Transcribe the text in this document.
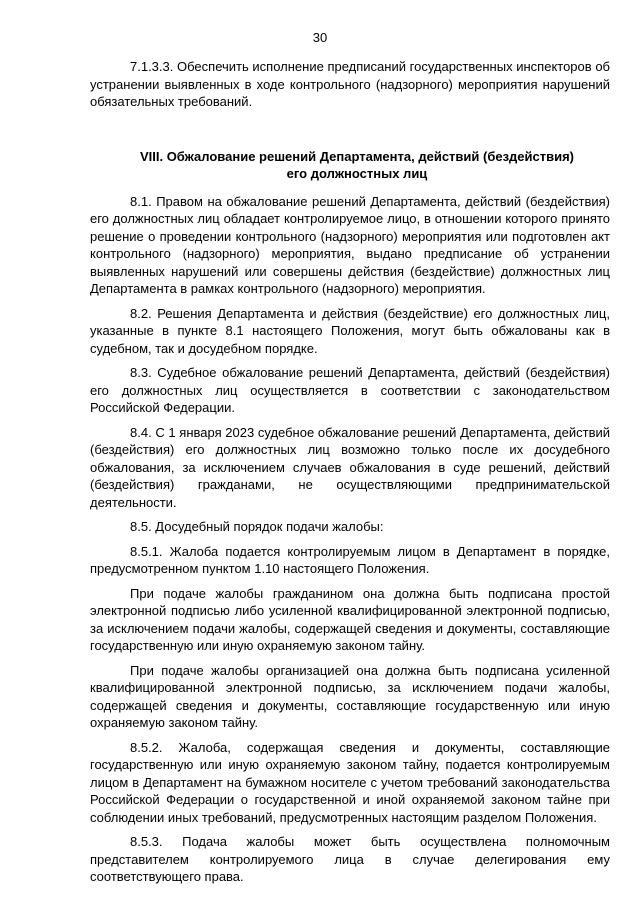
30

7.1.3.3. Обеспечить исполнение предписаний государственных инспекторов об устранении выявленных в ходе контрольного (надзорного) мероприятия нарушений обязательных требований.

VIII. Обжалование решений Департамента, действий (бездействия)
его должностных лиц

8.1. Правом на обжалование решений Департамента, действий (бездействия) его должностных лиц обладает контролируемое лицо, в отношении которого принято решение о проведении контрольного (надзорного) мероприятия или подготовлен акт контрольного (надзорного) мероприятия, выдано предписание об устранении выявленных нарушений или совершены действия (бездействие) должностных лиц Департамента в рамках контрольного (надзорного) мероприятия.

8.2. Решения Департамента и действия (бездействие) его должностных лиц, указанные в пункте 8.1 настоящего Положения, могут быть обжалованы как в судебном, так и досудебном порядке.

8.3. Судебное обжалование решений Департамента, действий (бездействия) его должностных лиц осуществляется в соответствии с законодательством Российской Федерации.

8.4. С 1 января 2023 судебное обжалование решений Департамента, действий (бездействия) его должностных лиц возможно только после их досудебного обжалования, за исключением случаев обжалования в суде решений, действий (бездействия) гражданами, не осуществляющими предпринимательской деятельности.

8.5. Досудебный порядок подачи жалобы:

8.5.1. Жалоба подается контролируемым лицом в Департамент в порядке, предусмотренном пунктом 1.10 настоящего Положения.

При подаче жалобы гражданином она должна быть подписана простой электронной подписью либо усиленной квалифицированной электронной подписью, за исключением подачи жалобы, содержащей сведения и документы, составляющие государственную или иную охраняемую законом тайну.

При подаче жалобы организацией она должна быть подписана усиленной квалифицированной электронной подписью, за исключением подачи жалобы, содержащей сведения и документы, составляющие государственную или иную охраняемую законом тайну.

8.5.2. Жалоба, содержащая сведения и документы, составляющие государственную или иную охраняемую законом тайну, подается контролируемым лицом в Департамент на бумажном носителе с учетом требований законодательства Российской Федерации о государственной и иной охраняемой законом тайне при соблюдении иных требований, предусмотренных настоящим разделом Положения.

8.5.3. Подача жалобы может быть осуществлена полномочным представителем контролируемого лица в случае делегирования ему соответствующего права.
